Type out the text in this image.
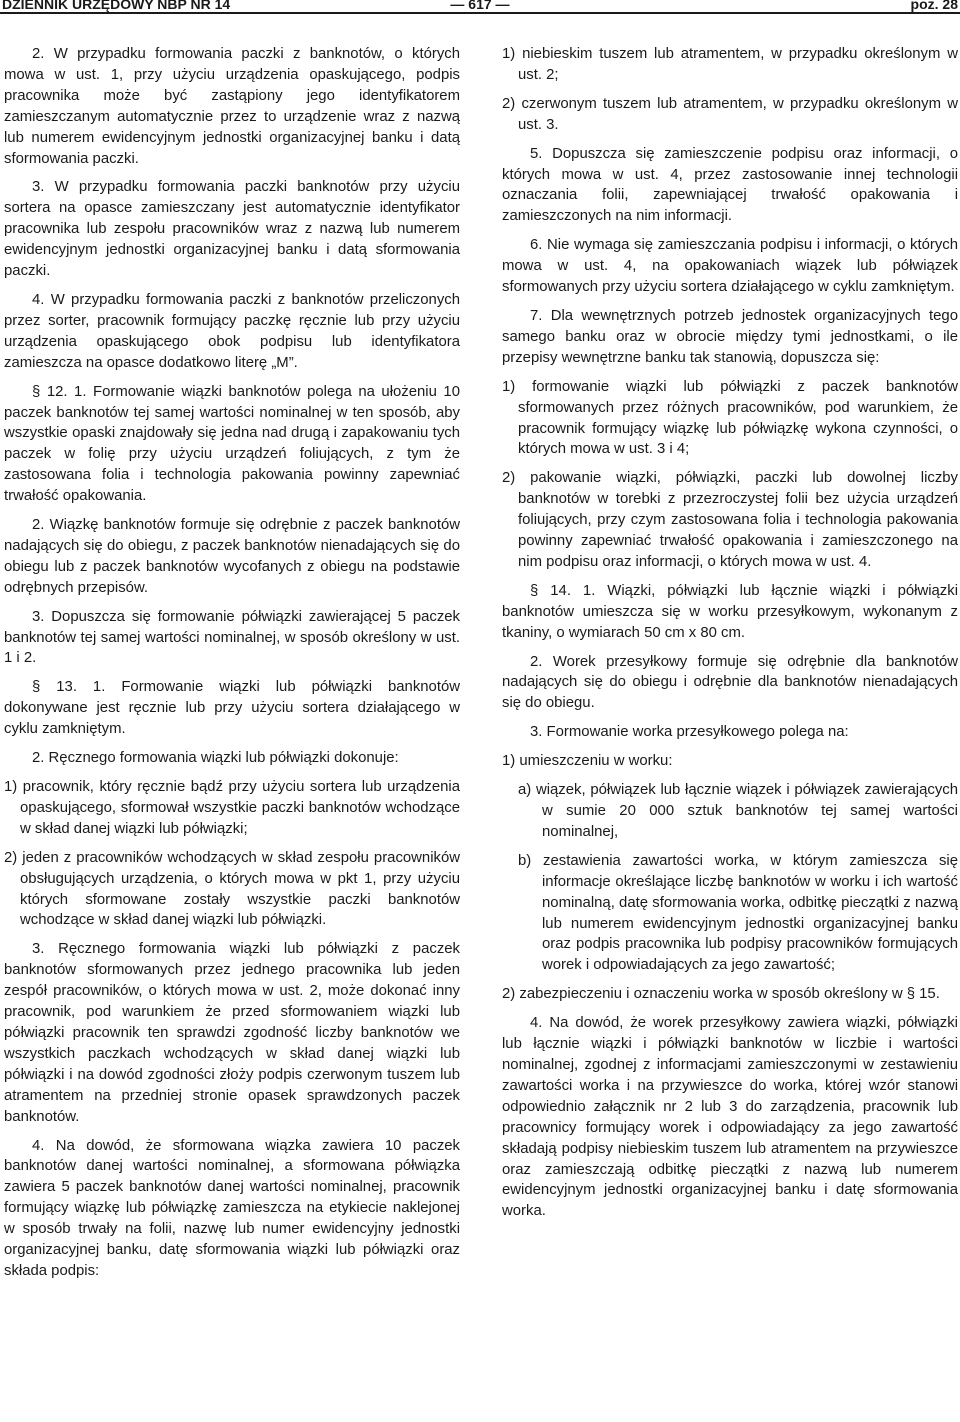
DZIENNIK URZĘDOWY NBP NR 14	— 617 —	poz. 28
2. W przypadku formowania paczki z banknotów, o których mowa w ust. 1, przy użyciu urządzenia opaskującego, podpis pracownika może być zastąpiony jego identyfikatorem zamieszczanym automatycznie przez to urządzenie wraz z nazwą lub numerem ewidencyjnym jednostki organizacyjnej banku i datą sformowania paczki.
3. W przypadku formowania paczki banknotów przy użyciu sortera na opasce zamieszczany jest automatycznie identyfikator pracownika lub zespołu pracowników wraz z nazwą lub numerem ewidencyjnym jednostki organizacyjnej banku i datą sformowania paczki.
4. W przypadku formowania paczki z banknotów przeliczonych przez sorter, pracownik formujący paczkę ręcznie lub przy użyciu urządzenia opaskującego obok podpisu lub identyfikatora zamieszcza na opasce dodatkowo literę „M”.
§ 12. 1. Formowanie wiązki banknotów polega na ułożeniu 10 paczek banknotów tej samej wartości nominalnej w ten sposób, aby wszystkie opaski znajdowały się jedna nad drugą i zapakowaniu tych paczek w folię przy użyciu urządzeń foliujących, z tym że zastosowana folia i technologia pakowania powinny zapewniać trwałość opakowania.
2. Wiązkę banknotów formuje się odrębnie z paczek banknotów nadających się do obiegu, z paczek banknotów nienadających się do obiegu lub z paczek banknotów wycofanych z obiegu na podstawie odrębnych przepisów.
3. Dopuszcza się formowanie półwiązki zawierającej 5 paczek banknotów tej samej wartości nominalnej, w sposób określony w ust. 1 i 2.
§ 13. 1. Formowanie wiązki lub półwiązki banknotów dokonywane jest ręcznie lub przy użyciu sortera działającego w cyklu zamkniętym.
2. Ręcznego formowania wiązki lub półwiązki dokonuje:
1) pracownik, który ręcznie bądź przy użyciu sortera lub urządzenia opaskującego, sformował wszystkie paczki banknotów wchodzące w skład danej wiązki lub półwiązki;
2) jeden z pracowników wchodzących w skład zespołu pracowników obsługujących urządzenia, o których mowa w pkt 1, przy użyciu których sformowane zostały wszystkie paczki banknotów wchodzące w skład danej wiązki lub półwiązki.
3. Ręcznego formowania wiązki lub półwiązki z paczek banknotów sformowanych przez jednego pracownika lub jeden zespół pracowników, o których mowa w ust. 2, może dokonać inny pracownik, pod warunkiem że przed sformowaniem wiązki lub półwiązki pracownik ten sprawdzi zgodność liczby banknotów we wszystkich paczkach wchodzących w skład danej wiązki lub półwiązki i na dowód zgodności złoży podpis czerwonym tuszem lub atramentem na przedniej stronie opasek sprawdzonych paczek banknotów.
4. Na dowód, że sformowana wiązka zawiera 10 paczek banknotów danej wartości nominalnej, a sformowana półwiązka zawiera 5 paczek banknotów danej wartości nominalnej, pracownik formujący wiązkę lub półwiązkę zamieszcza na etykiecie naklejonej w sposób trwały na folii, nazwę lub numer ewidencyjny jednostki organizacyjnej banku, datę sformowania wiązki lub półwiązki oraz składa podpis:
1) niebieskim tuszem lub atramentem, w przypadku określonym w ust. 2;
2) czerwonym tuszem lub atramentem, w przypadku określonym w ust. 3.
5. Dopuszcza się zamieszczenie podpisu oraz informacji, o których mowa w ust. 4, przez zastosowanie innej technologii oznaczania folii, zapewniającej trwałość opakowania i zamieszczonych na nim informacji.
6. Nie wymaga się zamieszczania podpisu i informacji, o których mowa w ust. 4, na opakowaniach wiązek lub półwiązek sformowanych przy użyciu sortera działającego w cyklu zamkniętym.
7. Dla wewnętrznych potrzeb jednostek organizacyjnych tego samego banku oraz w obrocie między tymi jednostkami, o ile przepisy wewnętrzne banku tak stanowią, dopuszcza się:
1) formowanie wiązki lub półwiązki z paczek banknotów sformowanych przez różnych pracowników, pod warunkiem, że pracownik formujący wiązkę lub półwiązkę wykona czynności, o których mowa w ust. 3 i 4;
2) pakowanie wiązki, półwiązki, paczki lub dowolnej liczby banknotów w torebki z przezroczystej folii bez użycia urządzeń foliujących, przy czym zastosowana folia i technologia pakowania powinny zapewniać trwałość opakowania i zamieszczonego na nim podpisu oraz informacji, o których mowa w ust. 4.
§ 14. 1. Wiązki, półwiązki lub łącznie wiązki i półwiązki banknotów umieszcza się w worku przesyłkowym, wykonanym z tkaniny, o wymiarach 50 cm x 80 cm.
2. Worek przesyłkowy formuje się odrębnie dla banknotów nadających się do obiegu i odrębnie dla banknotów nienadających się do obiegu.
3. Formowanie worka przesyłkowego polega na:
1) umieszczeniu w worku:
a) wiązek, półwiązek lub łącznie wiązek i półwiązek zawierających w sumie 20 000 sztuk banknotów tej samej wartości nominalnej,
b) zestawienia zawartości worka, w którym zamieszcza się informacje określające liczbę banknotów w worku i ich wartość nominalną, datę sformowania worka, odbitkę pieczątki z nazwą lub numerem ewidencyjnym jednostki organizacyjnej banku oraz podpis pracownika lub podpisy pracowników formujących worek i odpowiadających za jego zawartość;
2) zabezpieczeniu i oznaczeniu worka w sposób określony w § 15.
4. Na dowód, że worek przesyłkowy zawiera wiązki, półwiązki lub łącznie wiązki i półwiązki banknotów w liczbie i wartości nominalnej, zgodnej z informacjami zamieszczonymi w zestawieniu zawartości worka i na przywieszce do worka, której wzór stanowi odpowiednio załącznik nr 2 lub 3 do zarządzenia, pracownik lub pracownicy formujący worek i odpowiadający za jego zawartość składają podpisy niebieskim tuszem lub atramentem na przywieszce oraz zamieszczają odbitkę pieczątki z nazwą lub numerem ewidencyjnym jednostki organizacyjnej banku i datę sformowania worka.
